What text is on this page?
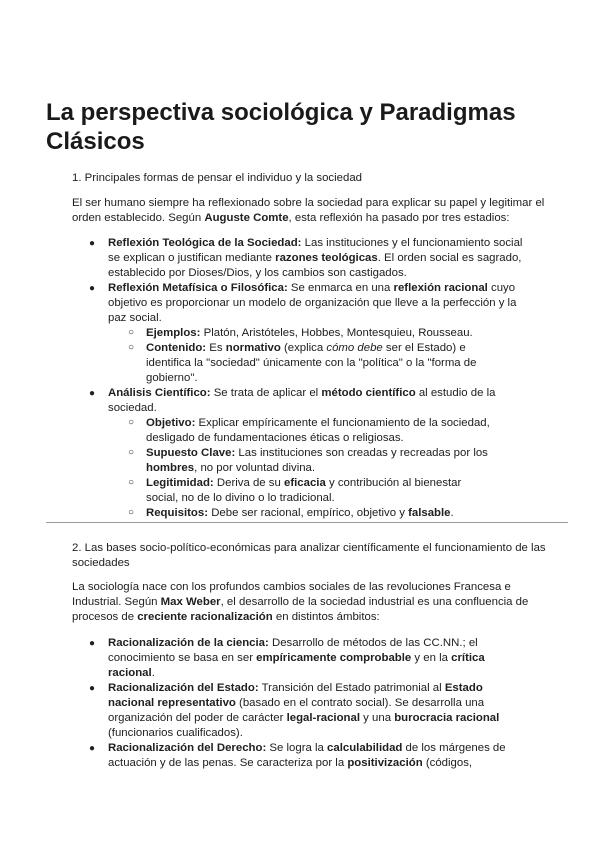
La perspectiva sociológica y Paradigmas Clásicos

1. Principales formas de pensar el individuo y la sociedad

El ser humano siempre ha reflexionado sobre la sociedad para explicar su papel y legitimar el orden establecido. Según Auguste Comte, esta reflexión ha pasado por tres estadios:

● Reflexión Teológica de la Sociedad: Las instituciones y el funcionamiento social se explican o justifican mediante razones teológicas. El orden social es sagrado, establecido por Dioses/Dios, y los cambios son castigados.
● Reflexión Metafísica o Filosófica: Se enmarca en una reflexión racional cuyo objetivo es proporcionar un modelo de organización que lleve a la perfección y la paz social.
○ Ejemplos: Platón, Aristóteles, Hobbes, Montesquieu, Rousseau.
○ Contenido: Es normativo (explica cómo debe ser el Estado) e identifica la "sociedad" únicamente con la "política" o la "forma de gobierno".
● Análisis Científico: Se trata de aplicar el método científico al estudio de la sociedad.
○ Objetivo: Explicar empíricamente el funcionamiento de la sociedad, desligado de fundamentaciones éticas o religiosas.
○ Supuesto Clave: Las instituciones son creadas y recreadas por los hombres, no por voluntad divina.
○ Legitimidad: Deriva de su eficacia y contribución al bienestar social, no de lo divino o lo tradicional.
○ Requisitos: Debe ser racional, empírico, objetivo y falsable.

2. Las bases socio-político-económicas para analizar científicamente el funcionamiento de las sociedades

La sociología nace con los profundos cambios sociales de las revoluciones Francesa e Industrial. Según Max Weber, el desarrollo de la sociedad industrial es una confluencia de procesos de creciente racionalización en distintos ámbitos:

● Racionalización de la ciencia: Desarrollo de métodos de las CC.NN.; el conocimiento se basa en ser empíricamente comprobable y en la crítica racional.
● Racionalización del Estado: Transición del Estado patrimonial al Estado nacional representativo (basado en el contrato social). Se desarrolla una organización del poder de carácter legal-racional y una burocracia racional (funcionarios cualificados).
● Racionalización del Derecho: Se logra la calculabilidad de los márgenes de actuación y de las penas. Se caracteriza por la positivización (códigos,
